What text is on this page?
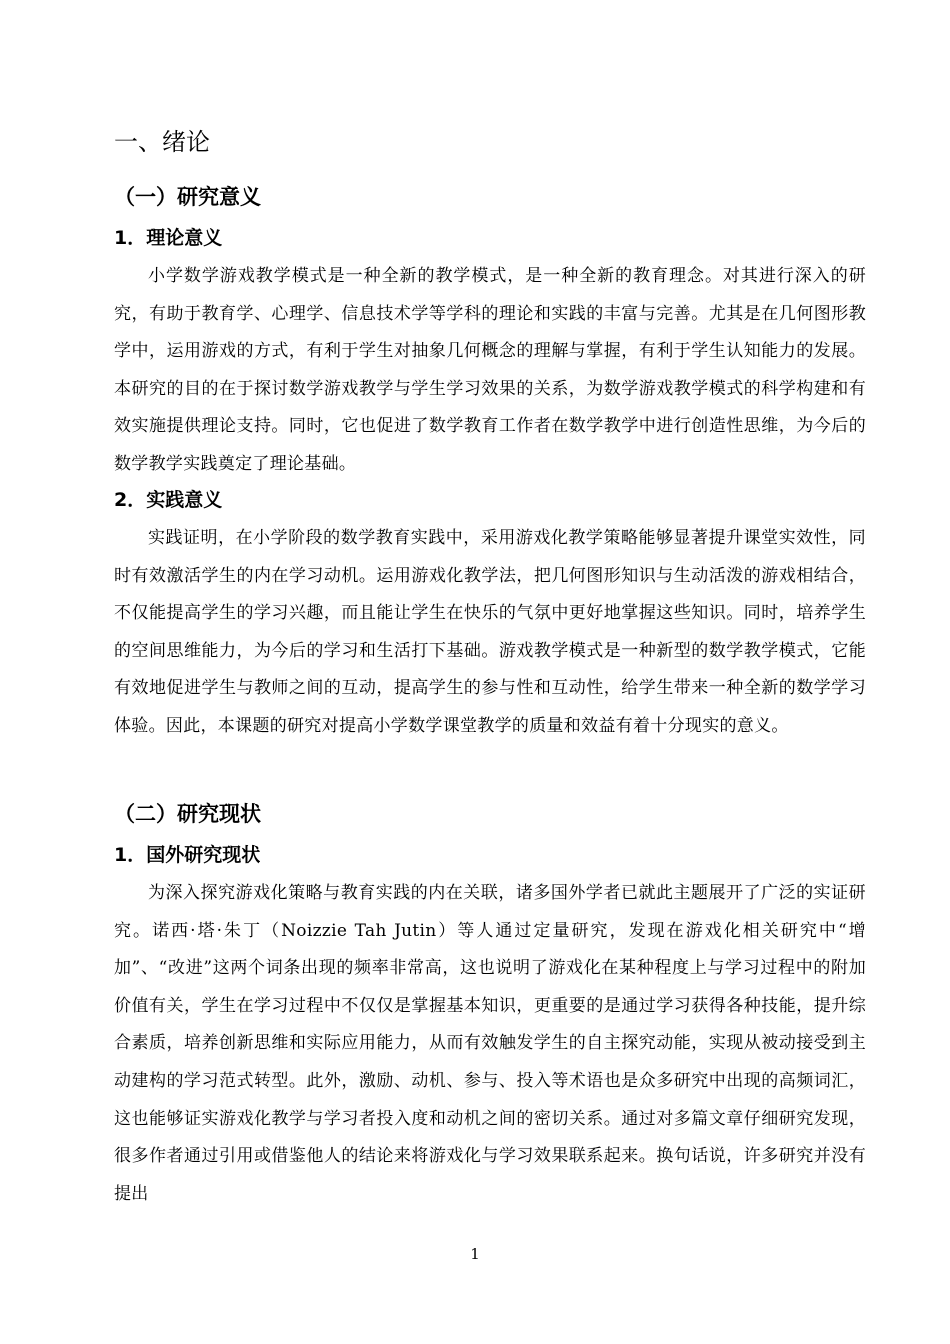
一、绪论
（一）研究意义
1．理论意义

小学数学游戏教学模式是一种全新的教学模式，是一种全新的教育理念。对其进行深入的研究，有助于教育学、心理学、信息技术学等学科的理论和实践的丰富与完善。尤其是在几何图形教学中，运用游戏的方式，有利于学生对抽象几何概念的理解与掌握，有利于学生认知能力的发展。本研究的目的在于探讨数学游戏教学与学生学习效果的关系，为数学游戏教学模式的科学构建和有效实施提供理论支持。同时，它也促进了数学教育工作者在数学教学中进行创造性思维，为今后的数学教学实践奠定了理论基础。

2．实践意义

实践证明，在小学阶段的数学教育实践中，采用游戏化教学策略能够显著提升课堂实效性，同时有效激活学生的内在学习动机。运用游戏化教学法，把几何图形知识与生动活泼的游戏相结合，不仅能提高学生的学习兴趣，而且能让学生在快乐的气氛中更好地掌握这些知识。同时，培养学生的空间思维能力，为今后的学习和生活打下基础。游戏教学模式是一种新型的数学教学模式，它能有效地促进学生与教师之间的互动，提高学生的参与性和互动性，给学生带来一种全新的数学学习体验。因此，本课题的研究对提高小学数学课堂教学的质量和效益有着十分现实的意义。

（二）研究现状
1．国外研究现状

为深入探究游戏化策略与教育实践的内在关联，诸多国外学者已就此主题展开了广泛的实证研究。诺西·塔·朱丁（Noizzie Tah Jutin）等人通过定量研究，发现在游戏化相关研究中“增加”、“改进”这两个词条出现的频率非常高，这也说明了游戏化在某种程度上与学习过程中的附加价值有关，学生在学习过程中不仅仅是掌握基本知识，更重要的是通过学习获得各种技能，提升综合素质，培养创新思维和实际应用能力，从而有效触发学生的自主探究动能，实现从被动接受到主动建构的学习范式转型。此外，激励、动机、参与、投入等术语也是众多研究中出现的高频词汇，这也能够证实游戏化教学与学习者投入度和动机之间的密切关系。通过对多篇文章仔细研究发现，很多作者通过引用或借鉴他人的结论来将游戏化与学习效果联系起来。换句话说，许多研究并没有提出

1
